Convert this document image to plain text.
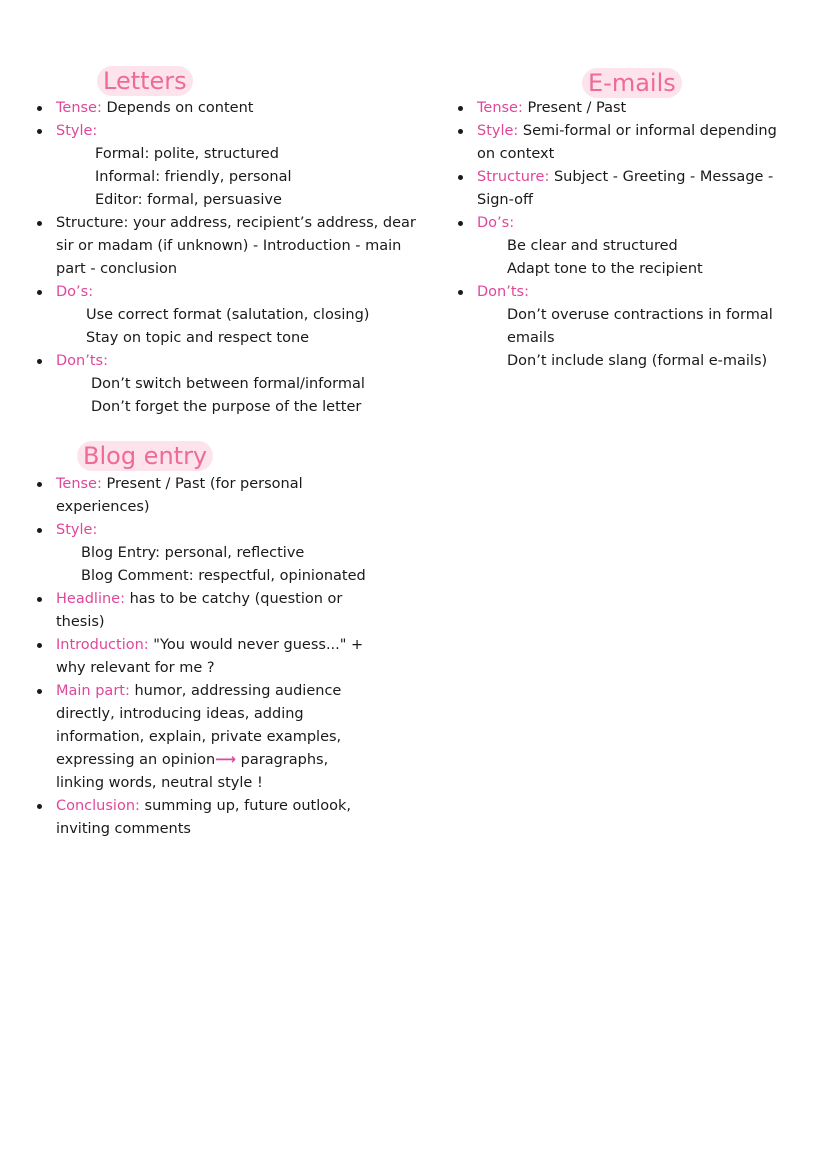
Letters
Tense: Depends on content
Style:
Formal: polite, structured
Informal: friendly, personal
Editor: formal, persuasive
Structure: your address, recipient’s address, dear
sir or madam (if unknown) - Introduction - main
part - conclusion
Do’s:
Use correct format (salutation, closing)
Stay on topic and respect tone
Don’ts:
Don’t switch between formal/informal
Don’t forget the purpose of the letter
E-mails
Tense: Present / Past
Style: Semi-formal or informal depending
on context
Structure: Subject - Greeting - Message -
Sign-off
Do’s:
Be clear and structured
Adapt tone to the recipient
Don’ts:
Don’t overuse contractions in formal
emails
Don’t include slang (formal e-mails)
Blog entry
Tense: Present / Past (for personal
experiences)
Style:
Blog Entry: personal, reflective
Blog Comment: respectful, opinionated
Headline: has to be catchy (question or
thesis)
Introduction: "You would never guess..." +
why relevant for me ?
Main part: humor, addressing audience
directly, introducing ideas, adding
information, explain, private examples,
expressing an opinion⟶ paragraphs,
linking words, neutral style !
Conclusion: summing up, future outlook,
inviting comments
